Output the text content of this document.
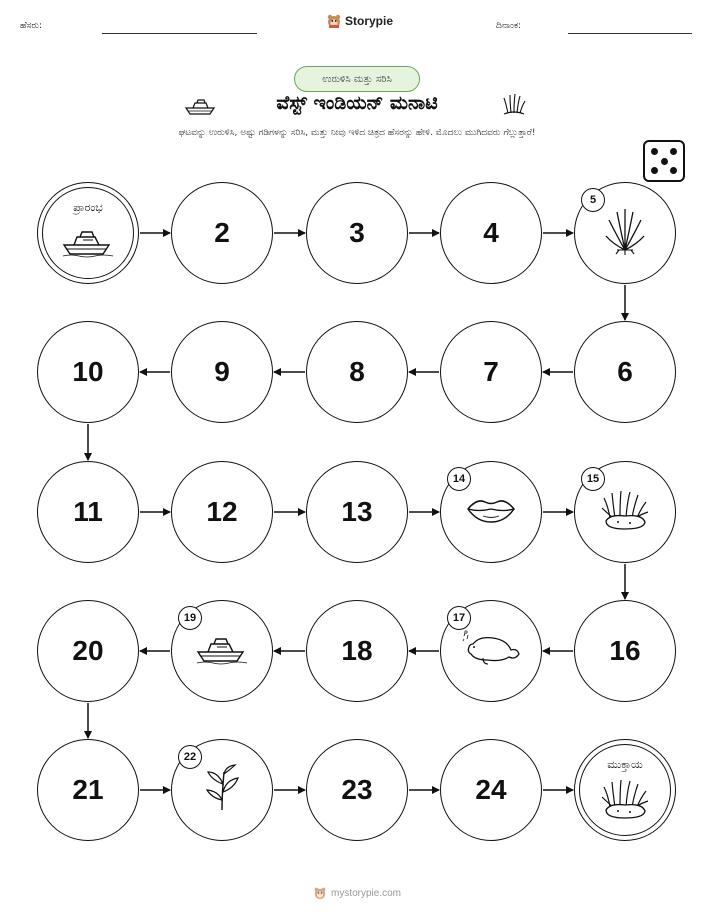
ಹೆಸರು:	Storypie	ದಿನಾಂಕ:
ಉರುಳಿಸಿ ಮತ್ತು ಸರಿಸಿ
ವೆಸ್ಟ್ ಇಂಡಿಯನ್ ಮನಾಟಿ
ಘಟವನ್ನು ಉರುಳಿಸಿ, ಅಷ್ಟು ಗಡಿಗಳನ್ನು ಸರಿಸಿ, ಮತ್ತು ನೀವು ಇಳಿದ ಚಿತ್ರದ ಹೆಸರನ್ನು ಹೇಳಿ. ಮೊದಲು ಮುಗಿದವರು ಗೆಲ್ಲುತ್ತಾರೆ!
ಪ್ರಾರಂಭ
2	3	4
5
6
7
8
9
10
11	12	13
14	15
16
17
18
19
20
21
22
23	24
ಮುಕ್ತಾಯ
mystorypie.com
